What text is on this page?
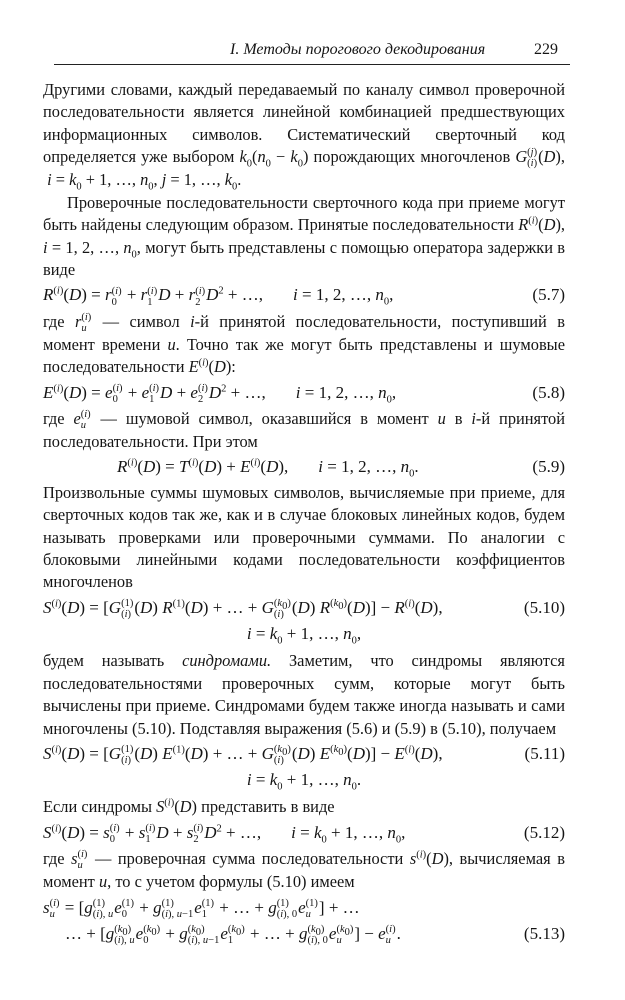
I. Методы порогового декодирования	229

Другими словами, каждый передаваемый по каналу символ проверочной последовательности является линейной комбинацией предшествующих информационных символов. Систематический сверточный код определяется уже выбором $k_0(n_0 - k_0)$ порождающих многочленов G (j)
(i) (D),  $i = k_0 + 1$, …, $n_0$, j = 1, …, $k_0$.

Проверочные последовательности сверточного кода при приеме могут быть найдены следующим образом. Принятые последовательности $R^{(i)}(D)$, i = 1, 2, …, $n_0$, могут быть представлены с помощью оператора задержки в виде

$R^{(i)}(D) = r$ (i)
0 + r (i)
1 D + r (i)
2 $D^2$ + …, i = 1, 2, …, $n_0$,	(5.7)

где r (i)
u — символ i-й принятой последовательности, поступивший в момент времени u. Точно так же могут быть представлены и шумовые последовательности $E^{(i)}(D)$:

$E^{(i)}(D) = e$ (i)
0 + e (i)
1 D + e (i)
2 $D^2$ + …, i = 1, 2, …, $n_0$,	(5.8)

где e (i)
u — шумовой символ, оказавшийся в момент u в i-й принятой последовательности. При этом

$R^{(i)}(D) = T^{(i)}(D) + E^{(i)}(D)$, i = 1, 2, …, $n_0$.	(5.9)

Произвольные суммы шумовых символов, вычисляемые при приеме, для сверточных кодов так же, как и в случае блоковых линейных кодов, будем называть проверками или проверочными суммами. По аналогии с блоковыми линейными кодами последовательности коэффициентов многочленов

$S^{(i)}(D) = [G$ (1)
(i) (D) $R^{(1)}(D)$ + … + G $(k_0)$
(i) (D) $R^{(k_0)}(D)] - R^{(i)}(D)$,	(5.10)
$i = k_0 + 1$, …, $n_0$,

будем называть синдромами. Заметим, что синдромы являются последовательностями проверочных сумм, которые могут быть вычислены при приеме. Синдромами будем также иногда называть и сами многочлены (5.10). Подставляя выражения (5.6) и (5.9) в (5.10), получаем

$S^{(i)}(D) = [G$ (1)
(i) (D) $E^{(1)}(D)$ + … + G $(k_0)$
(i) (D) $E^{(k_0)}(D)] - E^{(i)}(D)$,	(5.11)
$i = k_0 + 1$, …, $n_0$.

Если синдромы $S^{(i)}(D)$ представить в виде

$S^{(i)}(D) = s$ (i)
0 + s (i)
1 D + s (i)
2 $D^2$ + …, $i = k_0 + 1$, …, $n_0$,	(5.12)

где s (i)
u — проверочная сумма последовательности $s^{(i)}(D)$, вычисляемая в момент u, то с учетом формулы (5.10) имеем

s (i)
u = [g (1)
(i), u e (1)
0 + g (1)
(i), u−1 e (1)
1 + … + g (1)
(i), 0 e (1)
u ] + …
… + [g $(k_0)$
(i), u e $(k_0)$
0 + g $(k_0)$
(i), u−1 e $(k_0)$
1 + … + g $(k_0)$
(i), 0 e $(k_0)$
u ] − e (i)
u .	(5.13)
